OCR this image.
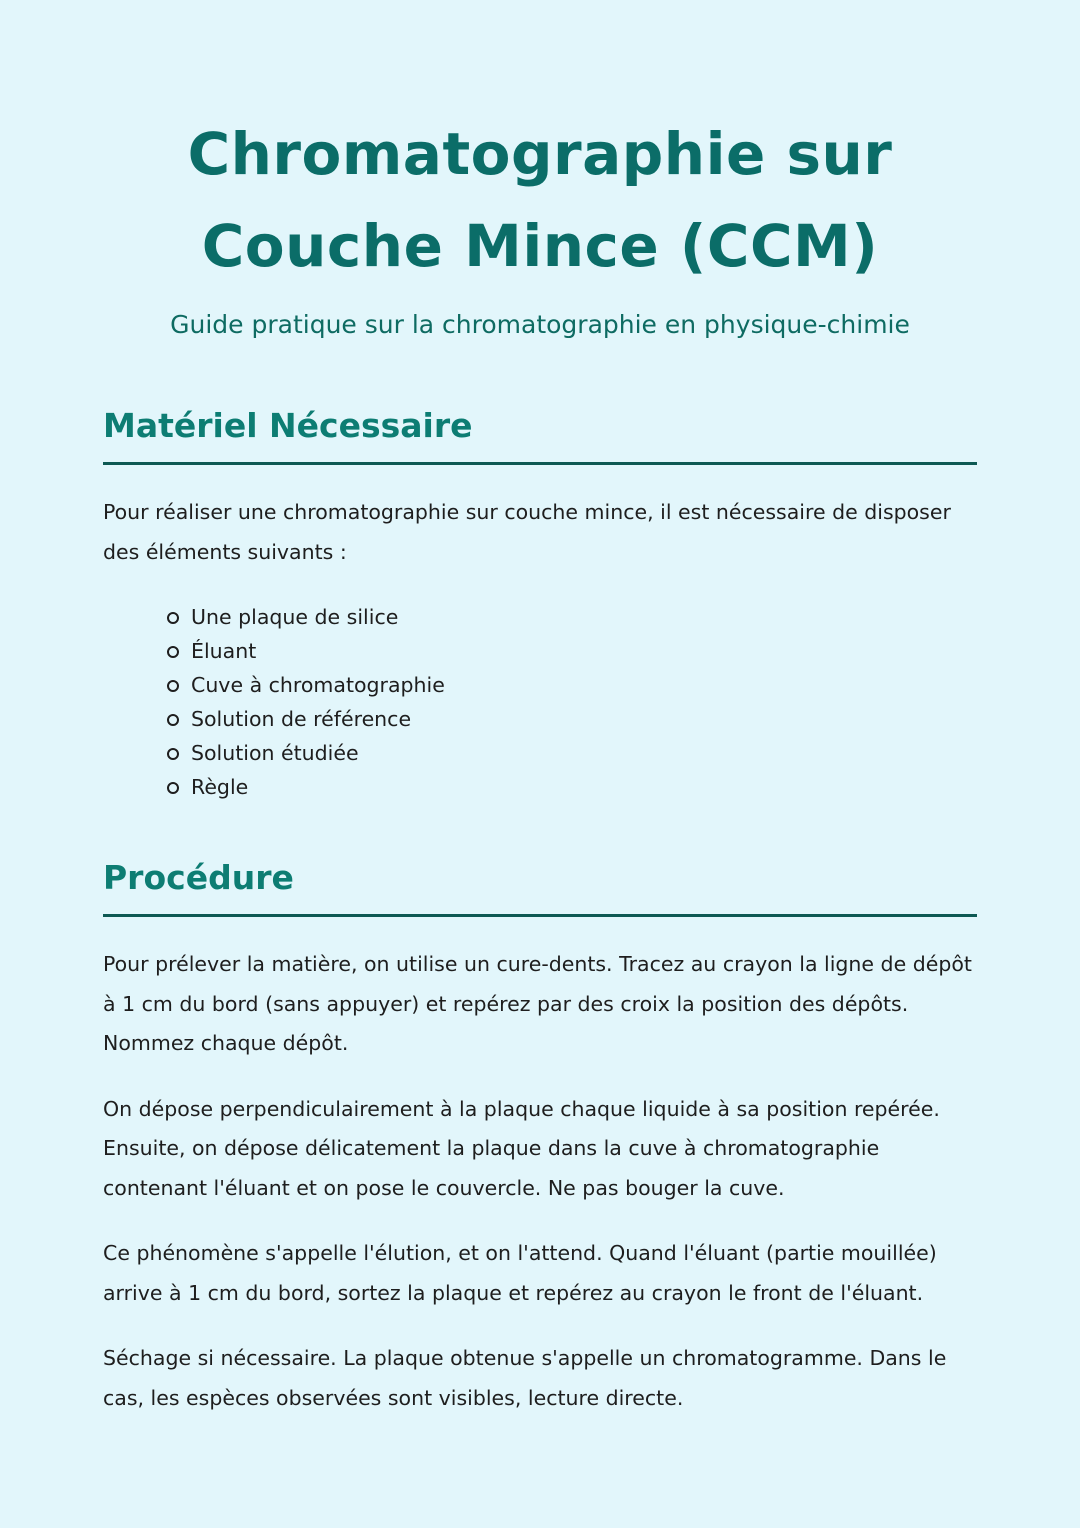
Chromatographie sur
Couche Mince (CCM)

Guide pratique sur la chromatographie en physique-chimie

Matériel Nécessaire

Pour réaliser une chromatographie sur couche mince, il est nécessaire de disposer des éléments suivants :

Une plaque de silice
Éluant
Cuve à chromatographie
Solution de référence
Solution étudiée
Règle
Procédure

Pour prélever la matière, on utilise un cure-dents. Tracez au crayon la ligne de dépôt à 1 cm du bord (sans appuyer) et repérez par des croix la position des dépôts. Nommez chaque dépôt.

On dépose perpendiculairement à la plaque chaque liquide à sa position repérée. Ensuite, on dépose délicatement la plaque dans la cuve à chromatographie contenant l'éluant et on pose le couvercle. Ne pas bouger la cuve.

Ce phénomène s'appelle l'élution, et on l'attend. Quand l'éluant (partie mouillée) arrive à 1 cm du bord, sortez la plaque et repérez au crayon le front de l'éluant.

Séchage si nécessaire. La plaque obtenue s'appelle un chromatogramme. Dans le cas, les espèces observées sont visibles, lecture directe.
